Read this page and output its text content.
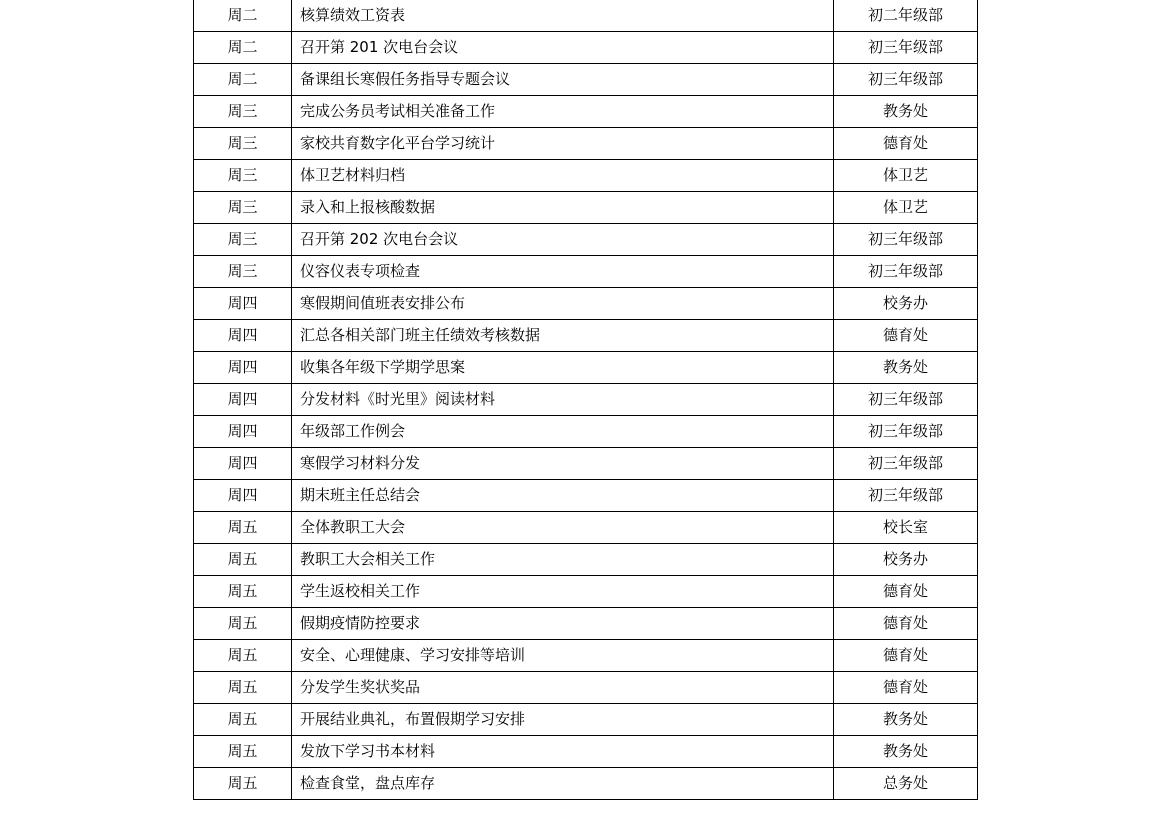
周二	核算绩效工资表	初二年级部
周二	召开第 201 次电台会议	初三年级部
周二	备课组长寒假任务指导专题会议	初三年级部
周三	完成公务员考试相关准备工作	教务处
周三	家校共育数字化平台学习统计	德育处
周三	体卫艺材料归档	体卫艺
周三	录入和上报核酸数据	体卫艺
周三	召开第 202 次电台会议	初三年级部
周三	仪容仪表专项检查	初三年级部
周四	寒假期间值班表安排公布	校务办
周四	汇总各相关部门班主任绩效考核数据	德育处
周四	收集各年级下学期学思案	教务处
周四	分发材料《时光里》阅读材料	初三年级部
周四	年级部工作例会	初三年级部
周四	寒假学习材料分发	初三年级部
周四	期末班主任总结会	初三年级部
周五	全体教职工大会	校长室
周五	教职工大会相关工作	校务办
周五	学生返校相关工作	德育处
周五	假期疫情防控要求	德育处
周五	安全、心理健康、学习安排等培训	德育处
周五	分发学生奖状奖品	德育处
周五	开展结业典礼，布置假期学习安排	教务处
周五	发放下学习书本材料	教务处
周五	检查食堂，盘点库存	总务处
